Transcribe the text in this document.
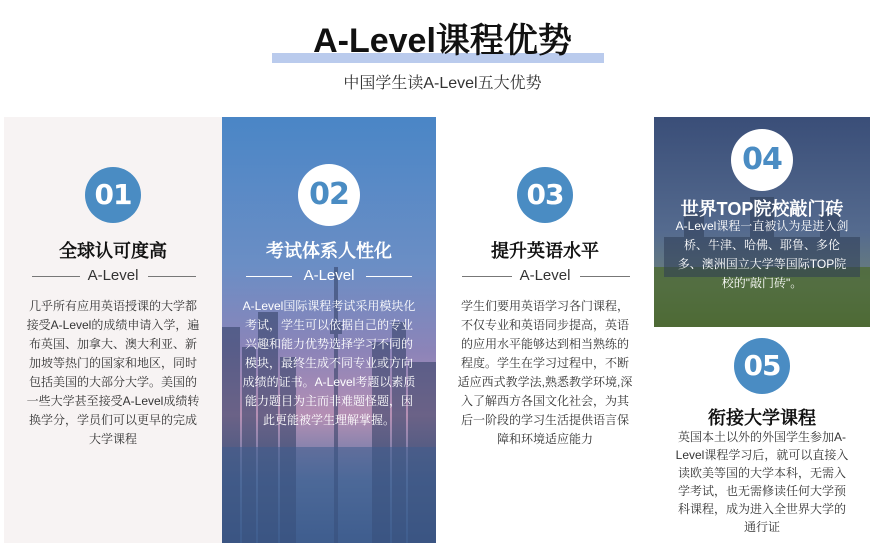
A-Level课程优势
中国学生读A-Level五大优势
01
全球认可度高
A-Level
几乎所有应用英语授课的大学都
接受A-Level的成绩申请入学，遍
布英国、加拿大、澳大利亚、新
加坡等热门的国家和地区，同时
包括美国的大部分大学。美国的
一些大学甚至接受A-Level成绩转
换学分，学员们可以更早的完成
大学课程
02
考试体系人性化
A-Level
A-Level国际课程考试采用模块化
考试，学生可以依据自己的专业
兴趣和能力优势选择学习不同的
模块，最终生成不同专业或方向
成绩的证书。A-Level考题以素质
能力题目为主而非难题怪题，因
此更能被学生理解掌握。
03
提升英语水平
A-Level
学生们要用英语学习各门课程，
不仅专业和英语同步提高，英语
的应用水平能够达到相当熟练的
程度。学生在学习过程中，不断
适应西式教学法,熟悉教学环境,深
入了解西方各国文化社会，为其
后一阶段的学习生活提供语言保
障和环境适应能力
04
世界TOP院校敲门砖
A-Level课程一直被认为是进入剑
桥、牛津、哈佛、耶鲁、多伦
多、澳洲国立大学等国际TOP院
校的"敲门砖"。
05
衔接大学课程
英国本土以外的外国学生参加A-
Level课程学习后，就可以直接入
读欧美等国的大学本科，无需入
学考试，也无需修读任何大学预
科课程，成为进入全世界大学的
通行证
